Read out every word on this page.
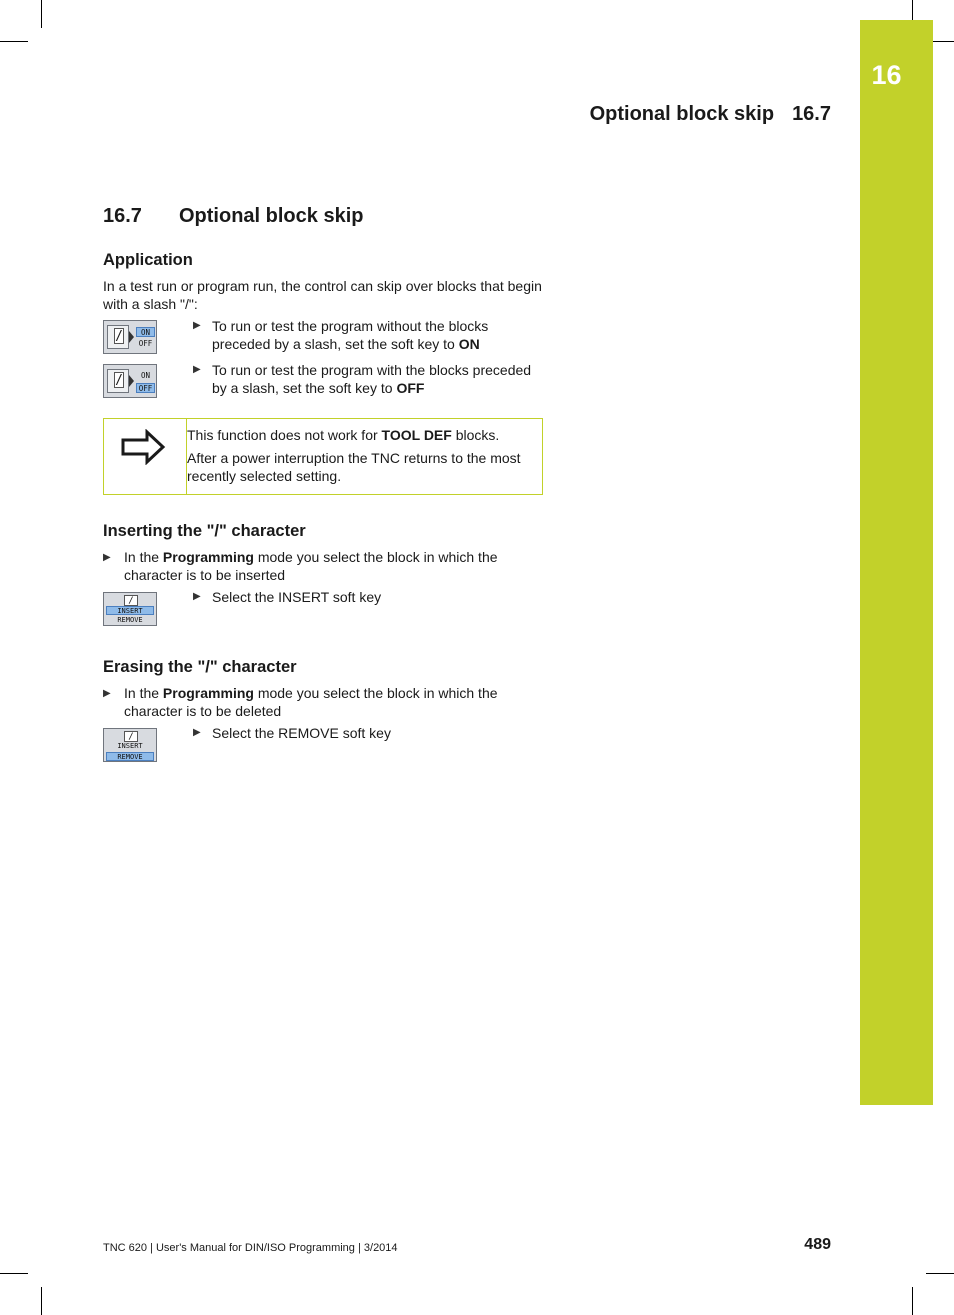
16
Optional block skip 16.7
16.7 Optional block skip
Application
In a test run or program run, the control can skip over blocks that begin with a slash "/":
/	ON
OFF
▶ To run or test the program without the blocks preceded by a slash, set the soft key to ON
/	ON
OFF
▶ To run or test the program with the blocks preceded by a slash, set the soft key to OFF
This function does not work for TOOL DEF blocks.
After a power interruption the TNC returns to the most recently selected setting.
Inserting the "/" character
▶ In the Programming mode you select the block in which the character is to be inserted
/
INSERT
REMOVE
▶ Select the INSERT soft key
Erasing the "/" character
▶ In the Programming mode you select the block in which the character is to be deleted
/
INSERT
REMOVE
▶ Select the REMOVE soft key
TNC 620 | User's Manual for DIN/ISO Programming | 3/2014	489
